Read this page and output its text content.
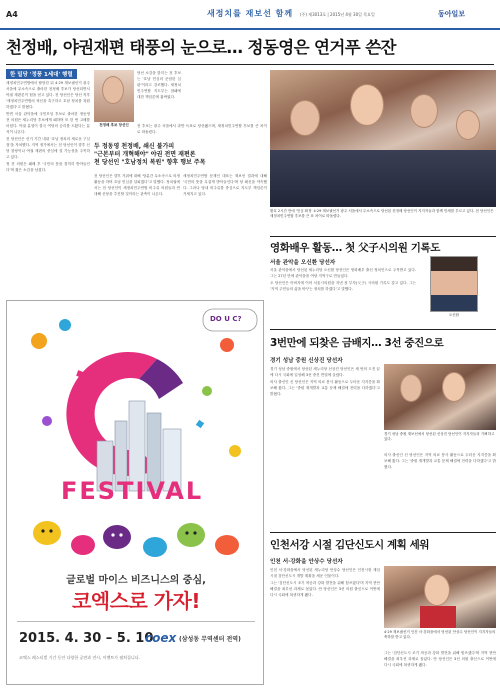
A4	새정치를 재보선 함께	(주) 제3013호 | 2015년 4월 30일 목요일	동아일보
천정배, 야권재편 태풍의 눈으로… 정동영은 연거푸 쓴잔
한 밀당 '정풍 1세대' 행렬

새정치민주연합에서 탈당한 뒤 4·29 재보궐선거 광주 서을에 무소속으로 출마한 천정배 후보가 당선되면서 야권 재편론이 힘을 얻고 있다. 천 당선인은 당선 직후 '새정치민주연합의 혁신을 촉구하고 호남 정치를 복원하겠다'고 밝혔다.

반면 서울 관악을에 국민모임 후보로 출마한 정동영 전 의원은 새누리당 후보에게 패하며 또 한 번 고배를 마셨다. 야권 분열이 결국 여당의 승리를 도왔다는 분석이 나온다.

천 당선인은 선거 기간 내내 '호남 정치의 새로운 구심점'을 자처했다. 지역 정가에서는 천 당선인이 향후 신당 창당이나 야권 재편의 중심에 설 가능성을 주목하고 있다.

정 전 의원은 패배 후 '국민의 뜻을 겸허히 받아들인다'며 짧은 소감을 남겼다.

당선 소감을 밝히는 천 후보는 '호남 민심의 준엄한 심판'이라고 강조했다. 새정치민주연합 지도부는 참패에 대한 책임론에 휩싸였다.

천정배 후보 당선인	천 후보는 광주 서을에서 과반 득표로 당선됐으며, 새정치민주연합 후보를 큰 차이로 따돌렸다.

두 정동영 천정배, 쇄신 불가피
"근본부터 개혁해야" 야권 전면 재편론
천 당선인 "호남정치 복원" 향후 행보 주목

천 당선인은 향후 거취에 대해 '당분간 무소속으로 의정 활동을 하며 호남 민심을 살피겠다'고 말했다. 정치권에서는 천 당선인이 새정치민주연합 비주류 의원들과 연대해 신당을 추진할 것이라는 관측이 나온다.

새정치민주연합 문재인 대표는 재보선 결과에 대해 '국민의 뜻을 무겁게 받아들인다'며 당 쇄신을 약속했다. 그러나 당내 비주류를 중심으로 지도부 책임론이 거세지고 있다.

환호 2시간 만에 '민심 확정' 4·29 재보궐선거 광주 서을에서 무소속으로 당선된 천정배 당선인이 지지자들과 함께 만세를 부르고 있다. 천 당선인은 새정치민주연합 후보를 큰 표 차이로 따돌렸다.
영화배우 활동… 첫 父子시의원 기록도
서울 관악을 오신환 당선자

서울 관악을에서 당선된 새누리당 오신환 당선인은 영화배우 출신 정치인으로 주목받고 있다. 그는 27년 만에 관악을을 여당 지역구로 만들었다.

오 당선인은 아버지에 이어 서울시의원을 지낸 첫 부자(父子) 시의원 기록도 갖고 있다. 그는 '지역 주민들의 삶을 바꾸는 정치를 하겠다'고 말했다.

오신환
3번만에 되찾은 금배지… 3선 중진으로
경기 성남 중원 신상진 당선자

경기 성남 중원에서 당선된 새누리당 신상진 당선인은 세 번의 도전 끝에 다시 국회에 입성해 3선 중진 반열에 올랐다.

의사 출신인 신 당선인은 지역 의료 봉사 활동으로 두터운 지지층을 확보해 왔다. 그는 '중원 재개발과 교통 문제 해결에 전력을 다하겠다'고 밝혔다.

경기 성남 중원 재보선에서 당선된 신상진 당선인이 지지자들과 기뻐하고 있다.

의사 출신인 신 당선인은 지역 의료 봉사 활동으로 두터운 지지층을 확보해 왔다. 그는 '중원 재개발과 교통 문제 해결에 전력을 다하겠다'고 밝혔다.

인천서강 시절 김단신도시 계획 세워
인천 서·강화을 안상수 당선자

인천 서·강화을에서 당선된 새누리당 안상수 당선인은 인천시장 재임 시절 검단신도시 개발 계획을 세운 인물이다.

그는 '검단신도시 조기 착공과 강화 발전을 위해 힘쓰겠다'며 지역 현안 해결을 최우선 과제로 꼽았다. 안 당선인은 3선 의원 출신으로 이번에 다시 국회에 복귀하게 됐다.

4·29 재보궐선거 인천 서·강화을에서 당선된 안상수 당선인이 지지자들의 축하를 받고 있다.

그는 '검단신도시 조기 착공과 강화 발전을 위해 힘쓰겠다'며 지역 현안 해결을 최우선 과제로 꼽았다. 안 당선인은 3선 의원 출신으로 이번에 다시 국회에 복귀하게 됐다.

DO U C?
FESTIVAL
글로벌 마이스 비즈니스의 중심,
코엑스로 가자!
2015. 4. 30 – 5. 10
coex (삼성동 무역센터 전역)
코엑스 페스티벌 기간 동안 다양한 공연과 전시, 이벤트가 펼쳐집니다.
